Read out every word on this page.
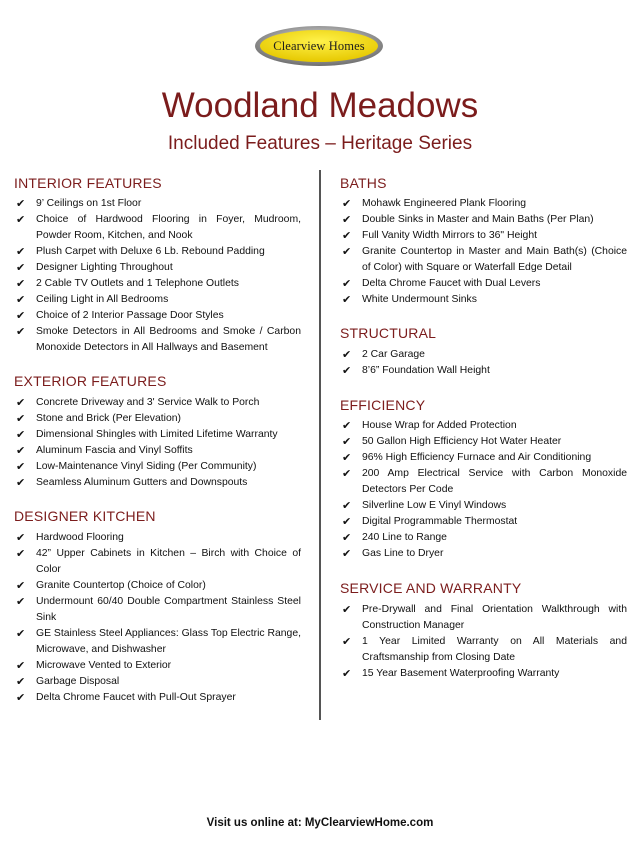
Clearview Homes
Woodland Meadows
Included Features – Heritage Series
INTERIOR FEATURES
✔ 9’ Ceilings on 1st Floor
✔ Choice of Hardwood Flooring in Foyer, Mudroom, Powder Room, Kitchen, and Nook
✔ Plush Carpet with Deluxe 6 Lb. Rebound Padding
✔ Designer Lighting Throughout
✔ 2 Cable TV Outlets and 1 Telephone Outlets
✔ Ceiling Light in All Bedrooms
✔ Choice of 2 Interior Passage Door Styles
✔ Smoke Detectors in All Bedrooms and Smoke / Carbon Monoxide Detectors in All Hallways and Basement
EXTERIOR FEATURES
✔ Concrete Driveway and 3' Service Walk to Porch
✔ Stone and Brick (Per Elevation)
✔ Dimensional Shingles with Limited Lifetime Warranty
✔ Aluminum Fascia and Vinyl Soffits
✔ Low-Maintenance Vinyl Siding (Per Community)
✔ Seamless Aluminum Gutters and Downspouts
DESIGNER KITCHEN
✔ Hardwood Flooring
✔ 42” Upper Cabinets in Kitchen – Birch with Choice of Color
✔ Granite Countertop (Choice of Color)
✔ Undermount 60/40 Double Compartment Stainless Steel Sink
✔ GE Stainless Steel Appliances: Glass Top Electric Range, Microwave, and Dishwasher
✔ Microwave Vented to Exterior
✔ Garbage Disposal
✔ Delta Chrome Faucet with Pull-Out Sprayer
BATHS
✔ Mohawk Engineered Plank Flooring
✔ Double Sinks in Master and Main Baths (Per Plan)
✔ Full Vanity Width Mirrors to 36" Height
✔ Granite Countertop in Master and Main Bath(s) (Choice of Color) with Square or Waterfall Edge Detail
✔ Delta Chrome Faucet with Dual Levers
✔ White Undermount Sinks
STRUCTURAL
✔ 2 Car Garage
✔ 8’6” Foundation Wall Height
EFFICIENCY
✔ House Wrap for Added Protection
✔ 50 Gallon High Efficiency Hot Water Heater
✔ 96% High Efficiency Furnace and Air Conditioning
✔ 200 Amp Electrical Service with Carbon Monoxide Detectors Per Code
✔ Silverline Low E Vinyl Windows
✔ Digital Programmable Thermostat
✔ 240 Line to Range
✔ Gas Line to Dryer
SERVICE AND WARRANTY
✔ Pre-Drywall and Final Orientation Walkthrough with Construction Manager
✔ 1 Year Limited Warranty on All Materials and Craftsmanship from Closing Date
✔ 15 Year Basement Waterproofing Warranty
Visit us online at: MyClearviewHome.com
